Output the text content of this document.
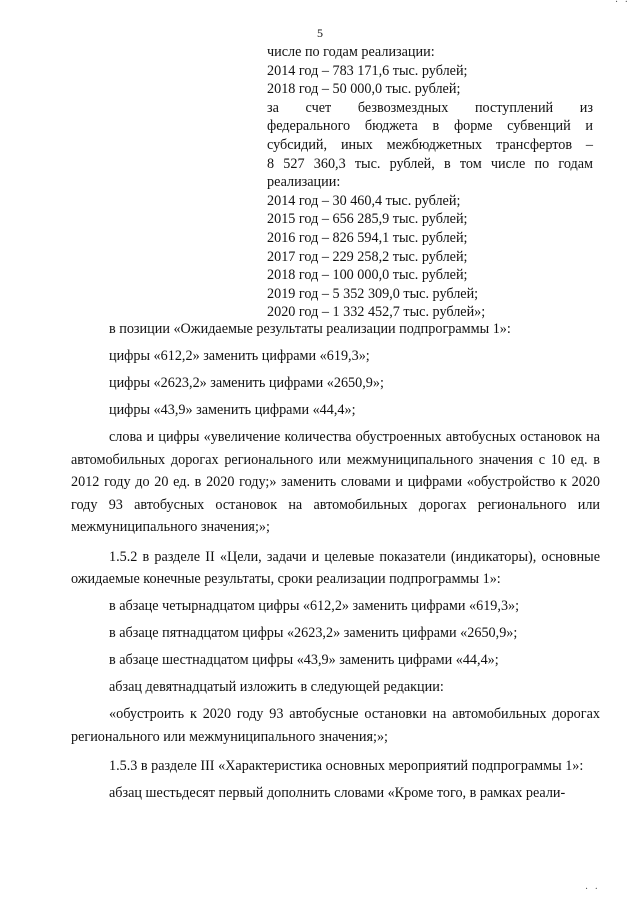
· ·
5
числе по годам реализации:
2014 год – 783 171,6 тыс. рублей;
2018 год – 50 000,0 тыс. рублей;
за счет безвозмездных поступлений из
федерального бюджета в форме субвенций и
субсидий, иных межбюджетных трансфертов –
8 527 360,3 тыс. рублей, в том числе по годам
реализации:
2014 год – 30 460,4 тыс. рублей;
2015 год – 656 285,9 тыс. рублей;
2016 год – 826 594,1 тыс. рублей;
2017 год – 229 258,2 тыс. рублей;
2018 год – 100 000,0 тыс. рублей;
2019 год – 5 352 309,0 тыс. рублей;
2020 год – 1 332 452,7 тыс. рублей»;

в позиции «Ожидаемые результаты реализации подпрограммы 1»:

цифры «612,2» заменить цифрами «619,3»;

цифры «2623,2» заменить цифрами «2650,9»;

цифры «43,9» заменить цифрами «44,4»;

слова и цифры «увеличение количества обустроенных автобусных остановок на автомобильных дорогах регионального или межмуниципального значения с 10 ед. в 2012 году до 20 ед. в 2020 году;» заменить словами и цифрами «обустройство к 2020 году 93 автобусных остановок на автомобильных дорогах регионального или межмуниципального значения;»;

1.5.2 в разделе II «Цели, задачи и целевые показатели (индикаторы), основные ожидаемые конечные результаты, сроки реализации подпрограммы 1»:

в абзаце четырнадцатом цифры «612,2» заменить цифрами «619,3»;

в абзаце пятнадцатом цифры «2623,2» заменить цифрами «2650,9»;

в абзаце шестнадцатом цифры «43,9» заменить цифрами «44,4»;

абзац девятнадцатый изложить в следующей редакции:

«обустроить к 2020 году 93 автобусные остановки на автомобильных дорогах регионального или межмуниципального значения;»;

1.5.3 в разделе III «Характеристика основных мероприятий подпрограммы 1»:

абзац шестьдесят первый дополнить словами «Кроме того, в рамках реали-

· ·
